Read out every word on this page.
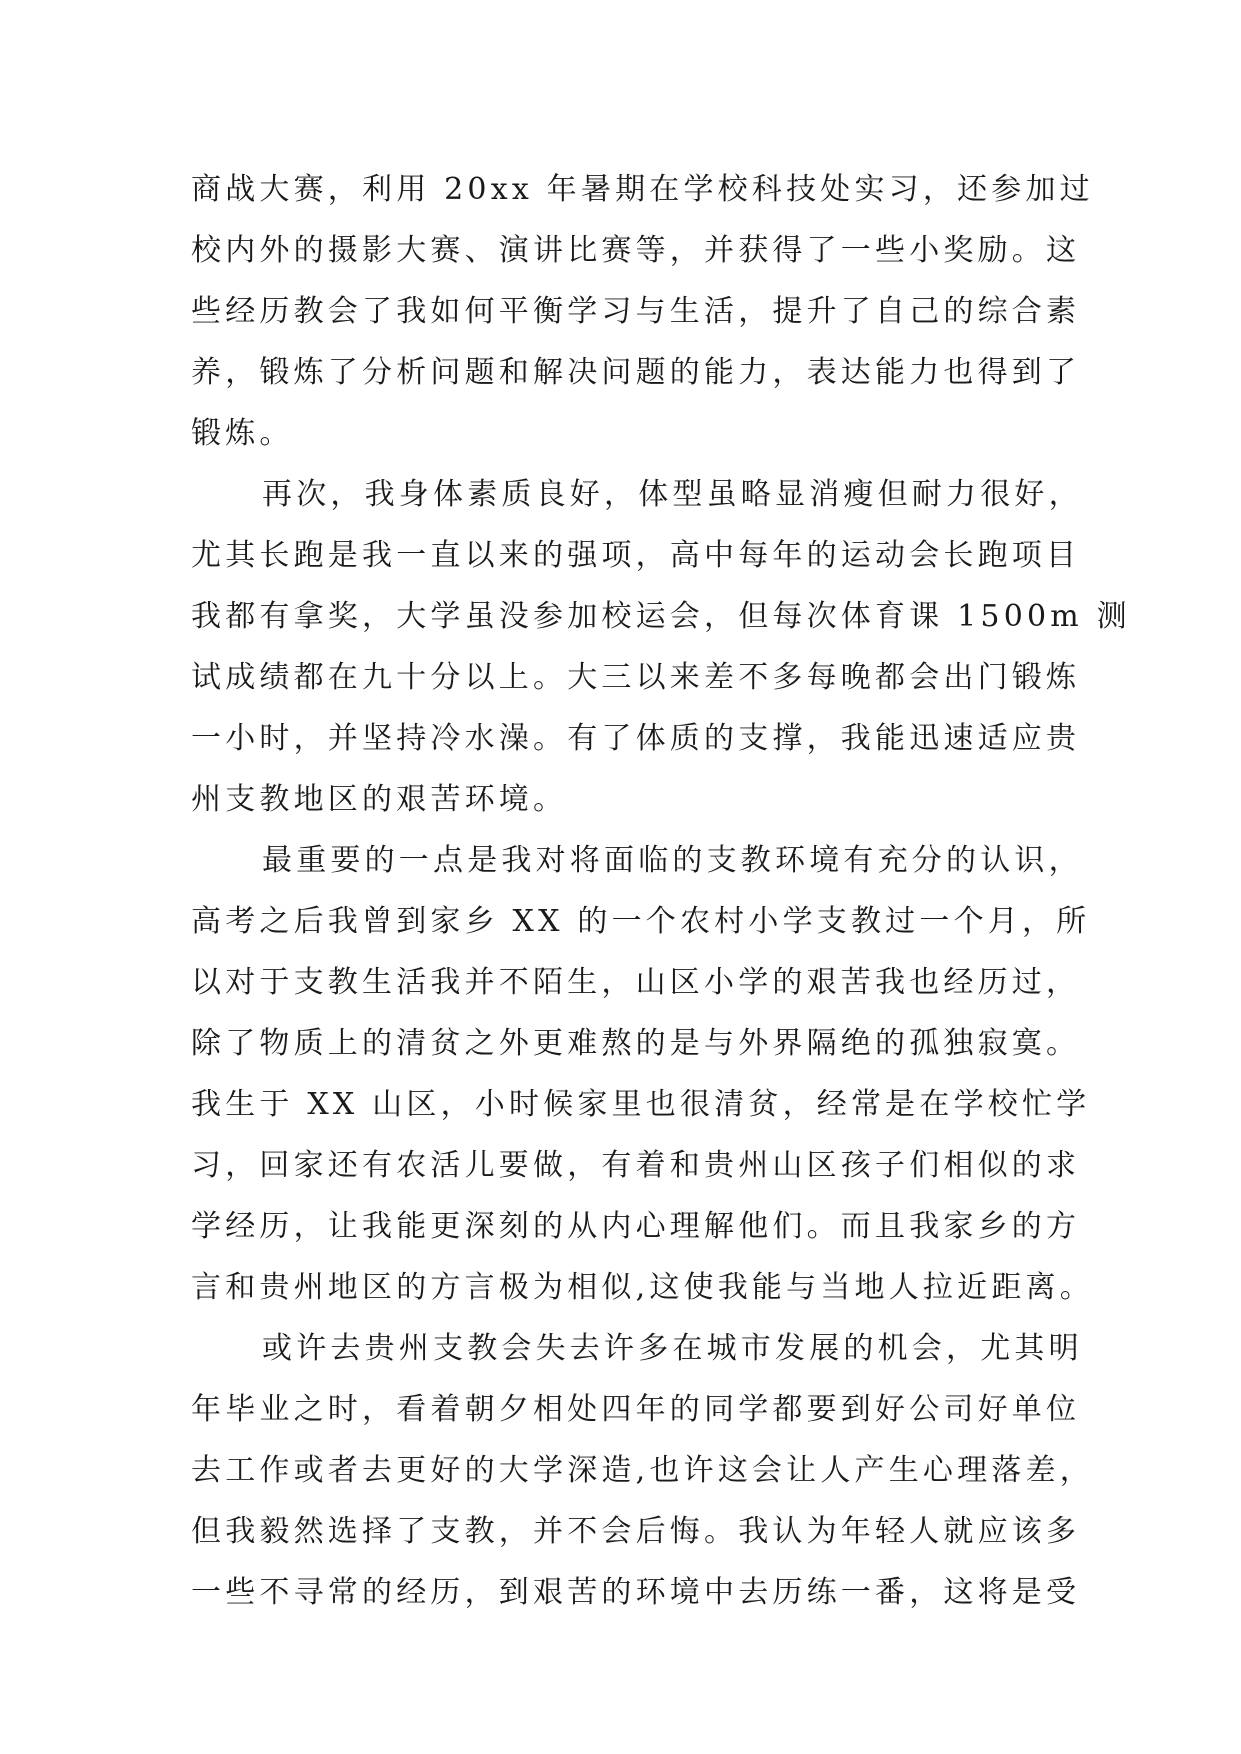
商战大赛，利用 20xx 年暑期在学校科技处实习，还参加过
校内外的摄影大赛、演讲比赛等，并获得了一些小奖励。这
些经历教会了我如何平衡学习与生活，提升了自己的综合素
养，锻炼了分析问题和解决问题的能力，表达能力也得到了
锻炼。
再次，我身体素质良好，体型虽略显消瘦但耐力很好，
尤其长跑是我一直以来的强项，高中每年的运动会长跑项目
我都有拿奖，大学虽没参加校运会，但每次体育课 1500m 测
试成绩都在九十分以上。大三以来差不多每晚都会出门锻炼
一小时，并坚持冷水澡。有了体质的支撑，我能迅速适应贵
州支教地区的艰苦环境。
最重要的一点是我对将面临的支教环境有充分的认识，
高考之后我曾到家乡 XX 的一个农村小学支教过一个月，所
以对于支教生活我并不陌生，山区小学的艰苦我也经历过，
除了物质上的清贫之外更难熬的是与外界隔绝的孤独寂寞。
我生于 XX 山区，小时候家里也很清贫，经常是在学校忙学
习，回家还有农活儿要做，有着和贵州山区孩子们相似的求
学经历，让我能更深刻的从内心理解他们。而且我家乡的方
言和贵州地区的方言极为相似,这使我能与当地人拉近距离。
或许去贵州支教会失去许多在城市发展的机会，尤其明
年毕业之时，看着朝夕相处四年的同学都要到好公司好单位
去工作或者去更好的大学深造,也许这会让人产生心理落差，
但我毅然选择了支教，并不会后悔。我认为年轻人就应该多
一些不寻常的经历，到艰苦的环境中去历练一番，这将是受
